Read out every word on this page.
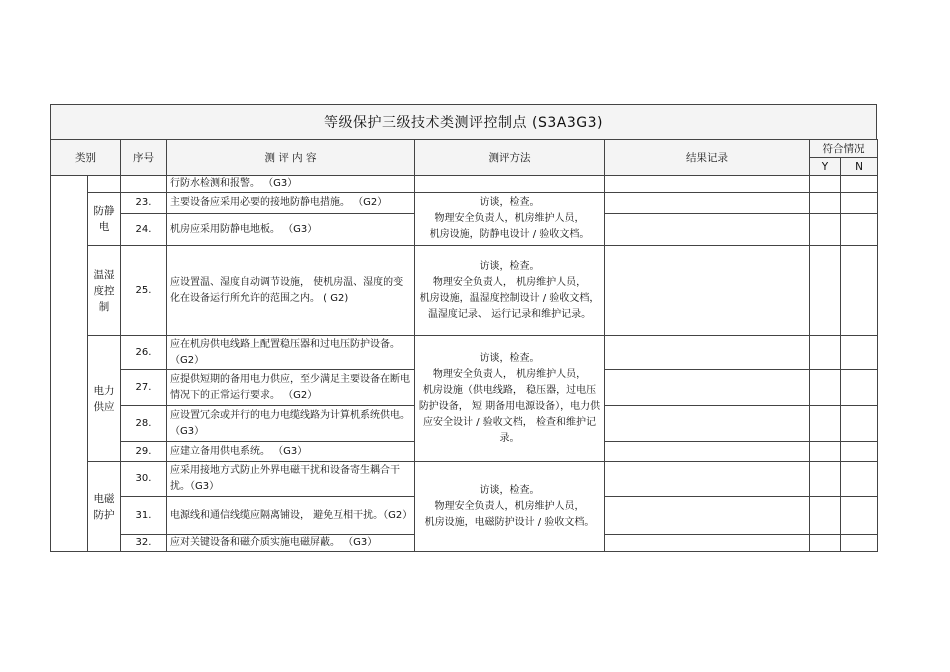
等级保护三级技术类测评控制点 (S3A3G3)
类别		序号	测 评 内 容	测评方法	结果记录	符合情况	
						Y	N
			行防水检测和报警。 （G3）				
	防静电	23.	主要设备应采用必要的接地防静电措施。 （G2）	访谈，检查。
物理安全负责人，机房维护人员，
机房设施，防静电设计 / 验收文档。			
		24.	机房应采用防静电地板。 （G3）				
	温湿度控制	25.	应设置温、湿度自动调节设施， 使机房温、湿度的变化在设备运行所允许的范围之内。 ( G2)	访谈，检查。
物理安全负责人， 机房维护人员，
机房设施，温湿度控制设计 / 验收文档，温湿度记录、 运行记录和维护记录。			
	电力供应	26.	应在机房供电线路上配置稳压器和过电压防护设备。（G2）	访谈，检查。
物理安全负责人， 机房维护人员，
机房设施（供电线路， 稳压器，过电压防护设备， 短 期备用电源设备），电力供应安全设计 / 验收文档， 检查和维护记录。			
		27.	应提供短期的备用电力供应，至少满足主要设备在断电情况下的正常运行要求。 （G2）				
		28.	应设置冗余或并行的电力电缆线路为计算机系统供电。（G3）				
		29.	应建立备用供电系统。 （G3）				
	电磁防护	30.	应采用接地方式防止外界电磁干扰和设备寄生耦合干扰。（G3）	访谈，检查。
物理安全负责人，机房维护人员，
机房设施，电磁防护设计 / 验收文档。			
		31.	电源线和通信线缆应隔离铺设， 避免互相干扰。（G2）				
		32.	应对关键设备和磁介质实施电磁屏蔽。 （G3）				
